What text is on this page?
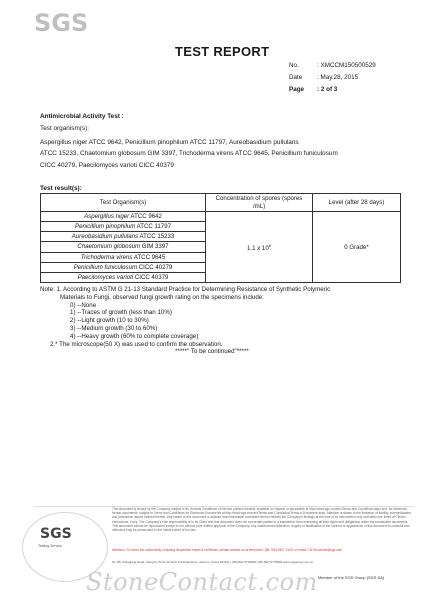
SGS
TEST REPORT
No.	: XMCCM150500529
Date : May.28, 2015
Page : 2 of 3
Antimicrobial Activity Test :
Test organism(s):
Aspergillus niger ATCC 9642, Penicillium pinophilum ATCC 11797, Aureobasidium pullulans
ATCC 15233, Chaetomium globosum GIM 3397, Trichoderma virens ATCC 9645, Penicillium funiculosum
CICC 40279, Paecilomyces varioti CICC 40379
Test result(s):
Test Organism(s)	Concentration of spores (spores /mL)	Level (after 28 days)
Aspergillus niger ATCC 9642	1.1 x $10^6$	0 Grade*
Penicillium pinophilum ATCC 11797		
Aureobasidium pullulans ATCC 15233		
Chaetomium globosum GIM 3397		
Trichoderma virens ATCC 9645		
Penicillium funiculosum CICC 40279		
Paecilomyces varioti CICC 40379		
Note: 1. According to ASTM G 21-13 Standard Practice for Determining Resistance of Synthetic Polymeric
Materials to Fungi, observed fungi growth rating on the specimens include:
0) --None
1) --Traces of growth (less than 10%)
2) --Light growth (10 to 30%)
3) --Medium growth (30 to 60%)
4) --Heavy growth (60% to complete coverage)
2.* The microscope(50 X) was used to confirm the observation.
*****" To be continued"*****
This document is issued by the Company subject to its General Conditions of Service printed overleaf, available on request or accessible at http://www.sgs.com/en/Terms-and-Conditions.aspx and, for electronic format documents, subject to Terms and Conditions for Electronic Documents at http://www.sgs.com/en/Terms-and-Conditions/Terms-e-Document.aspx. Attention is drawn to the limitation of liability, indemnification and jurisdiction issues defined therein. Any holder of this document is advised that information contained hereon reflects the Company's findings at the time of its intervention only and within the limits of Client's instructions, if any. The Company's sole responsibility is to its Client and this document does not exonerate parties to a transaction from exercising all their rights and obligations under the transaction documents. This document cannot be reproduced except in full, without prior written approval of the Company. Any unauthorized alteration, forgery or falsification of the content or appearance of this document is unlawful and offenders may be prosecuted to the fullest extent of the law.
Attention: To check the authenticity of testing /inspection report & certificate, please contact us at telephone: (86-755) 8307 1443, or email: CN.Doccheck@sgs.com
SGS
Testing Service
3F, 1B, Xiangliang Road, Xiang'An Torch Hi-Tech Industrial Zone, Xiamen, China 361101 t (86-592) 5778998 f (86-592) 5778999 www.sgsgroup.com.cn
Member of the SGS Group (SGS SA)
StoneContact.com
